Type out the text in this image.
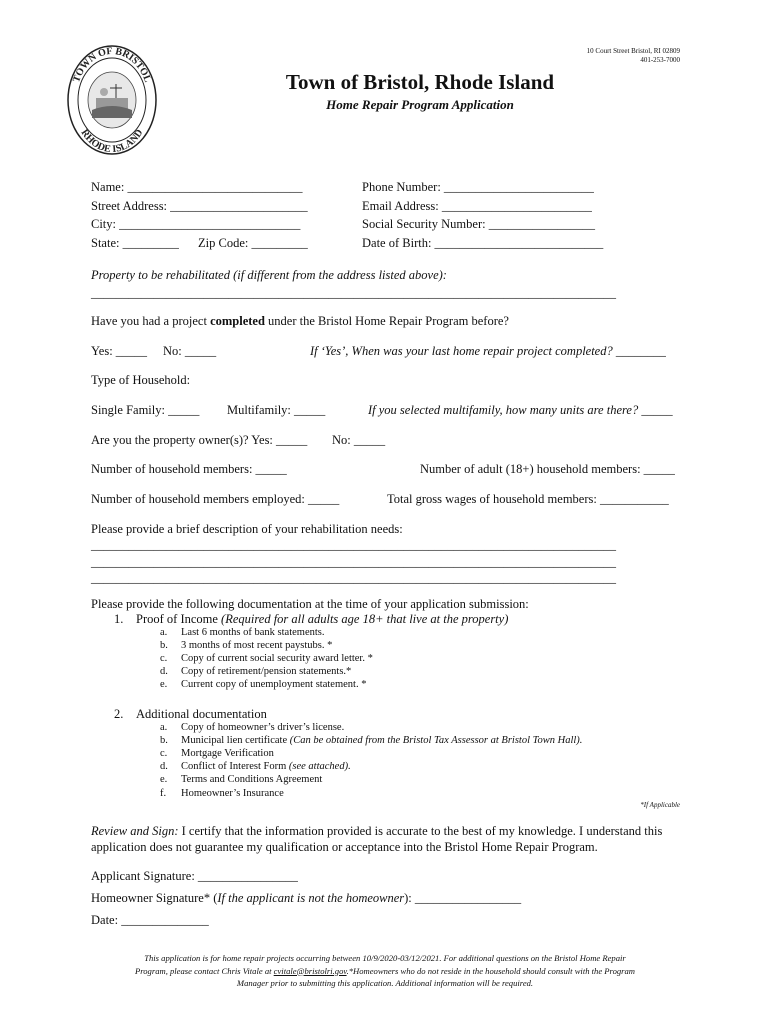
TOWN OF BRISTOL
RHODE ISLAND
10 Court Street Bristol, RI 02809
401-253-7000
Town of Bristol, Rhode Island
Home Repair Program Application
Name: ____________________________
Street Address: ______________________
City: _____________________________
State: _________ Zip Code: _________
Phone Number: ________________________
Email Address: ________________________
Social Security Number: _________________
Date of Birth: ___________________________
Property to be rehabilitated (if different from the address listed above):
____________________________________________________________________________________
Have you had a project completed under the Bristol Home Repair Program before?
Yes: _____ No: _____	If ‘Yes’, When was your last home repair project completed? ________
Type of Household:
Single Family: _____ Multifamily: _____	If you selected multifamily, how many units are there? _____
Are you the property owner(s)? Yes: _____ No: _____
Number of household members: _____	Number of adult (18+) household members: _____
Number of household members employed: _____	Total gross wages of household members: ___________
Please provide a brief description of your rehabilitation needs:
____________________________________________________________________________________
____________________________________________________________________________________
____________________________________________________________________________________
Please provide the following documentation at the time of your application submission:
1. Proof of Income (Required for all adults age 18+ that live at the property)
a. Last 6 months of bank statements.
b. 3 months of most recent paystubs. *
c. Copy of current social security award letter. *
d. Copy of retirement/pension statements.*
e. Current copy of unemployment statement. *
2. Additional documentation
a. Copy of homeowner’s driver’s license.
b. Municipal lien certificate (Can be obtained from the Bristol Tax Assessor at Bristol Town Hall).
c. Mortgage Verification
d. Conflict of Interest Form (see attached).
e. Terms and Conditions Agreement
f. Homeowner’s Insurance
*If Applicable
Review and Sign: I certify that the information provided is accurate to the best of my knowledge. I understand this
application does not guarantee my qualification or acceptance into the Bristol Home Repair Program.
Applicant Signature: ________________
Homeowner Signature* (If the applicant is not the homeowner): _________________
Date: ______________
This application is for home repair projects occurring between 10/9/2020-03/12/2021. For additional questions on the Bristol Home Repair
Program, please contact Chris Vitale at cvitale@bristolri.gov.*Homeowners who do not reside in the household should consult with the Program
Manager prior to submitting this application. Additional information will be required.
